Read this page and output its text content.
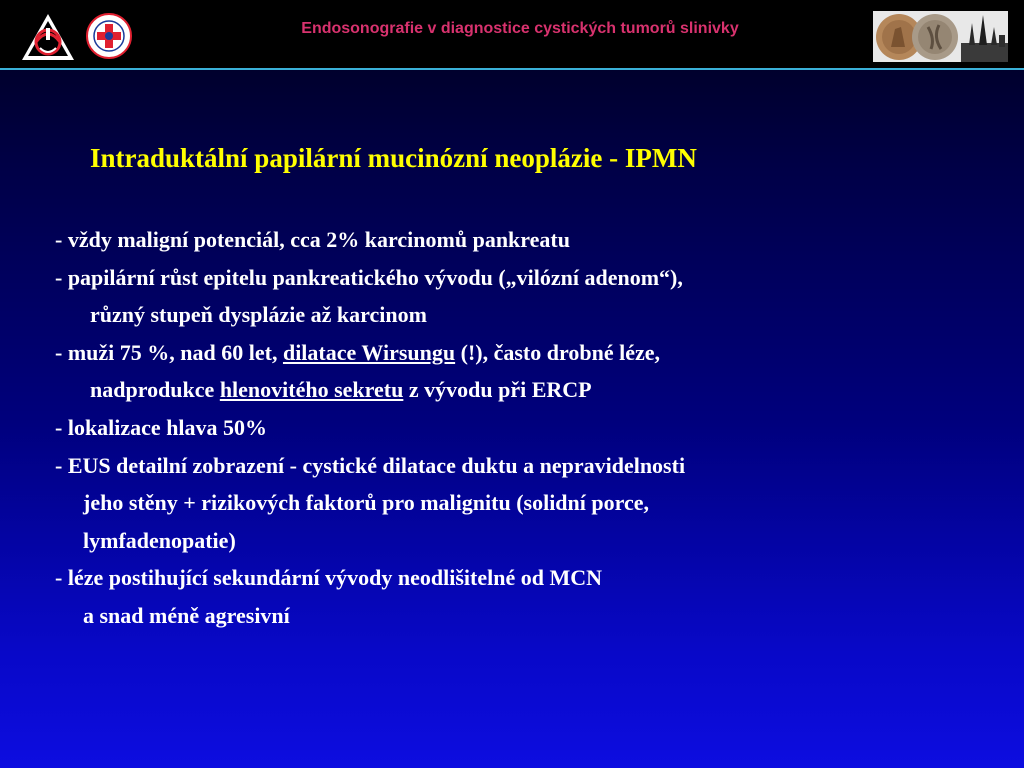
Endosonografie v diagnostice cystických tumorů slinivky
Intraduktální papilární mucinózní neoplázie - IPMN
- vždy maligní potenciál, cca 2% karcinomů pankreatu
- papilární růst epitelu pankreatického vývodu („vilózní adenom“),
různý stupeň dysplázie až karcinom
- muži 75 %, nad 60 let, dilatace Wirsungu (!), často drobné léze,
nadprodukce hlenovitého sekretu z vývodu při ERCP
- lokalizace hlava 50%
- EUS detailní zobrazení - cystické dilatace duktu a nepravidelnosti
jeho stěny + rizikových faktorů pro malignitu (solidní porce,
lymfadenopatie)
- léze postihující sekundární vývody neodlišitelné od MCN
a snad méně agresivní
